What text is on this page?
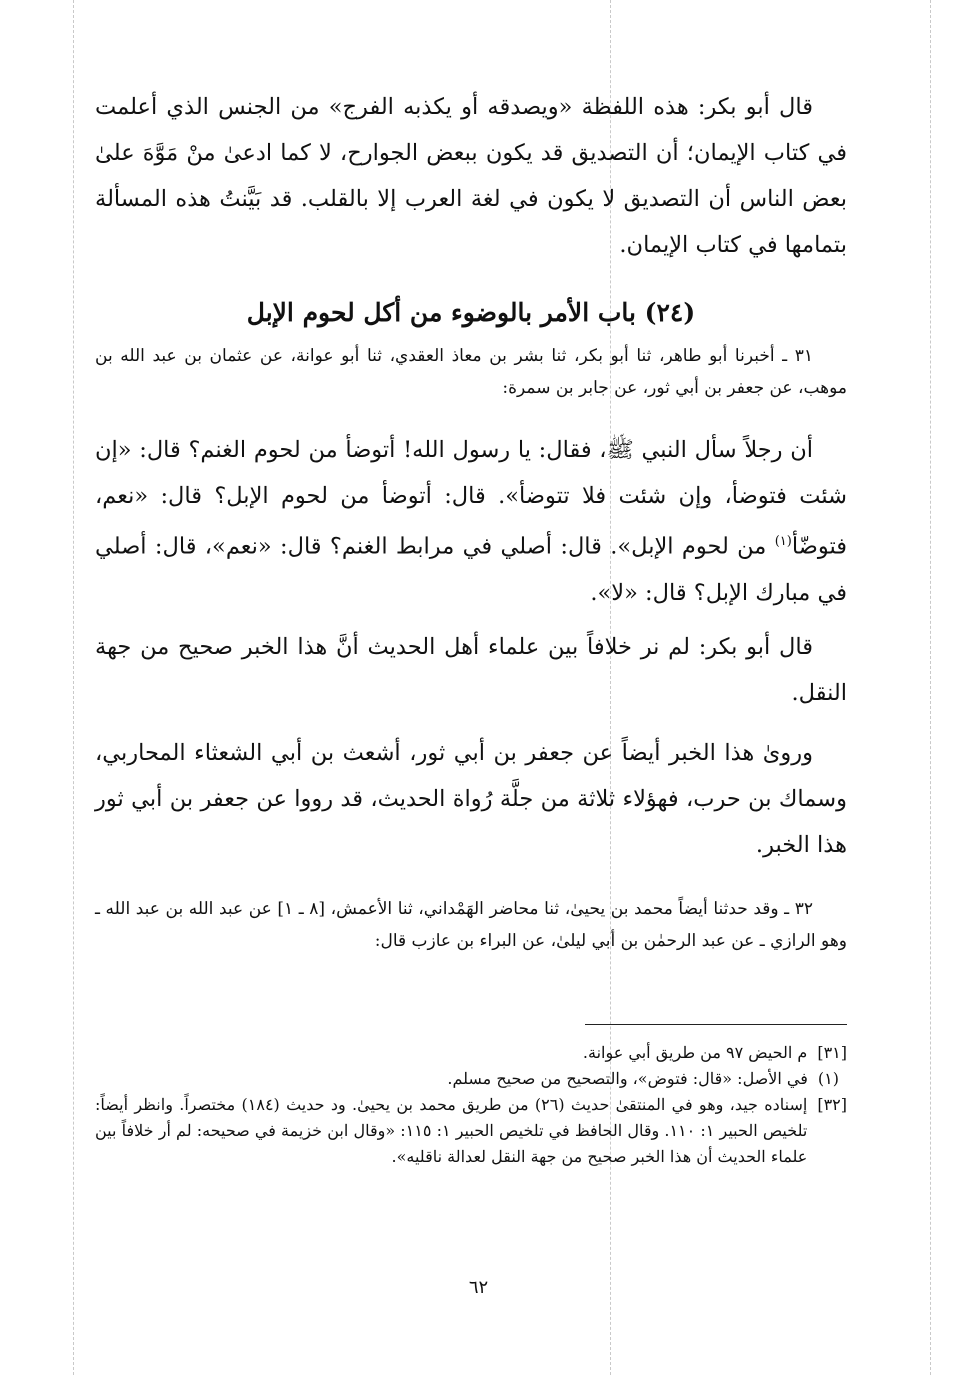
قال أبو بكر: هذه اللفظة «ويصدقه أو يكذبه الفرج» من الجنس الذي أعلمت في كتاب الإيمان؛ أن التصديق قد يكون ببعض الجوارح، لا كما ادعىٰ منْ مَوَّهَ علىٰ بعض الناس أن التصديق لا يكون في لغة العرب إلا بالقلب. قد بَيَّنتُ هذه المسألة بتمامها في كتاب الإيمان.

(٢٤) باب الأمر بالوضوء من أكل لحوم الإبل

٣١ ـ أخبرنا أبو طاهر، ثنا أبو بكر، ثنا بشر بن معاذ العقدي، ثنا أبو عوانة، عن عثمان بن عبد الله بن موهب، عن جعفر بن أبي ثور، عن جابر بن سمرة:

أن رجلاً سأل النبي ﷺ، فقال: يا رسول الله! أتوضأ من لحوم الغنم؟ قال: «إن شئت فتوضأ، وإن شئت فلا تتوضأ». قال: أتوضأ من لحوم الإبل؟ قال: «نعم، فتوضّأ$^{(١)}$ من لحوم الإبل». قال: أصلي في مرابط الغنم؟ قال: «نعم»، قال: أصلي في مبارك الإبل؟ قال: «لا».

قال أبو بكر: لم نر خلافاً بين علماء أهل الحديث أنَّ هذا الخبر صحيح من جهة النقل.

ورویٰ هذا الخبر أيضاً عن جعفر بن أبي ثور، أشعث بن أبي الشعثاء المحاربي، وسماك بن حرب، فهؤلاء ثلاثة من جلَّة رُواة الحديث، قد رووا عن جعفر بن أبي ثور هذا الخبر.

٣٢ ـ وقد حدثنا أيضاً محمد بن يحيىٰ، ثنا محاضر الهَمْداني، ثنا الأعمش، [٨ ـ ١] عن عبد الله بن عبد الله ـ وهو الرازي ـ عن عبد الرحمٰن بن أبي ليلىٰ، عن البراء بن عازب قال:

[٣١]
م الحيض ٩٧ من طريق أبي عوانة.
(١)
في الأصل: «قال: فتوض»، والتصحيح من صحيح مسلم.
[٣٢]
إسناده جيد، وهو في المنتقىٰ حديث (٢٦) من طريق محمد بن يحيىٰ. ود حديث (١٨٤) مختصراً. وانظر أيضاً: تلخيص الحبير ١: ١١٠. وقال الحافظ في تلخيص الحبير ١: ١١٥: «وقال ابن خزيمة في صحيحه: لم أر خلافاً بين علماء الحديث أن هذا الخبر صحيح من جهة النقل لعدالة ناقليه».
٦٢
